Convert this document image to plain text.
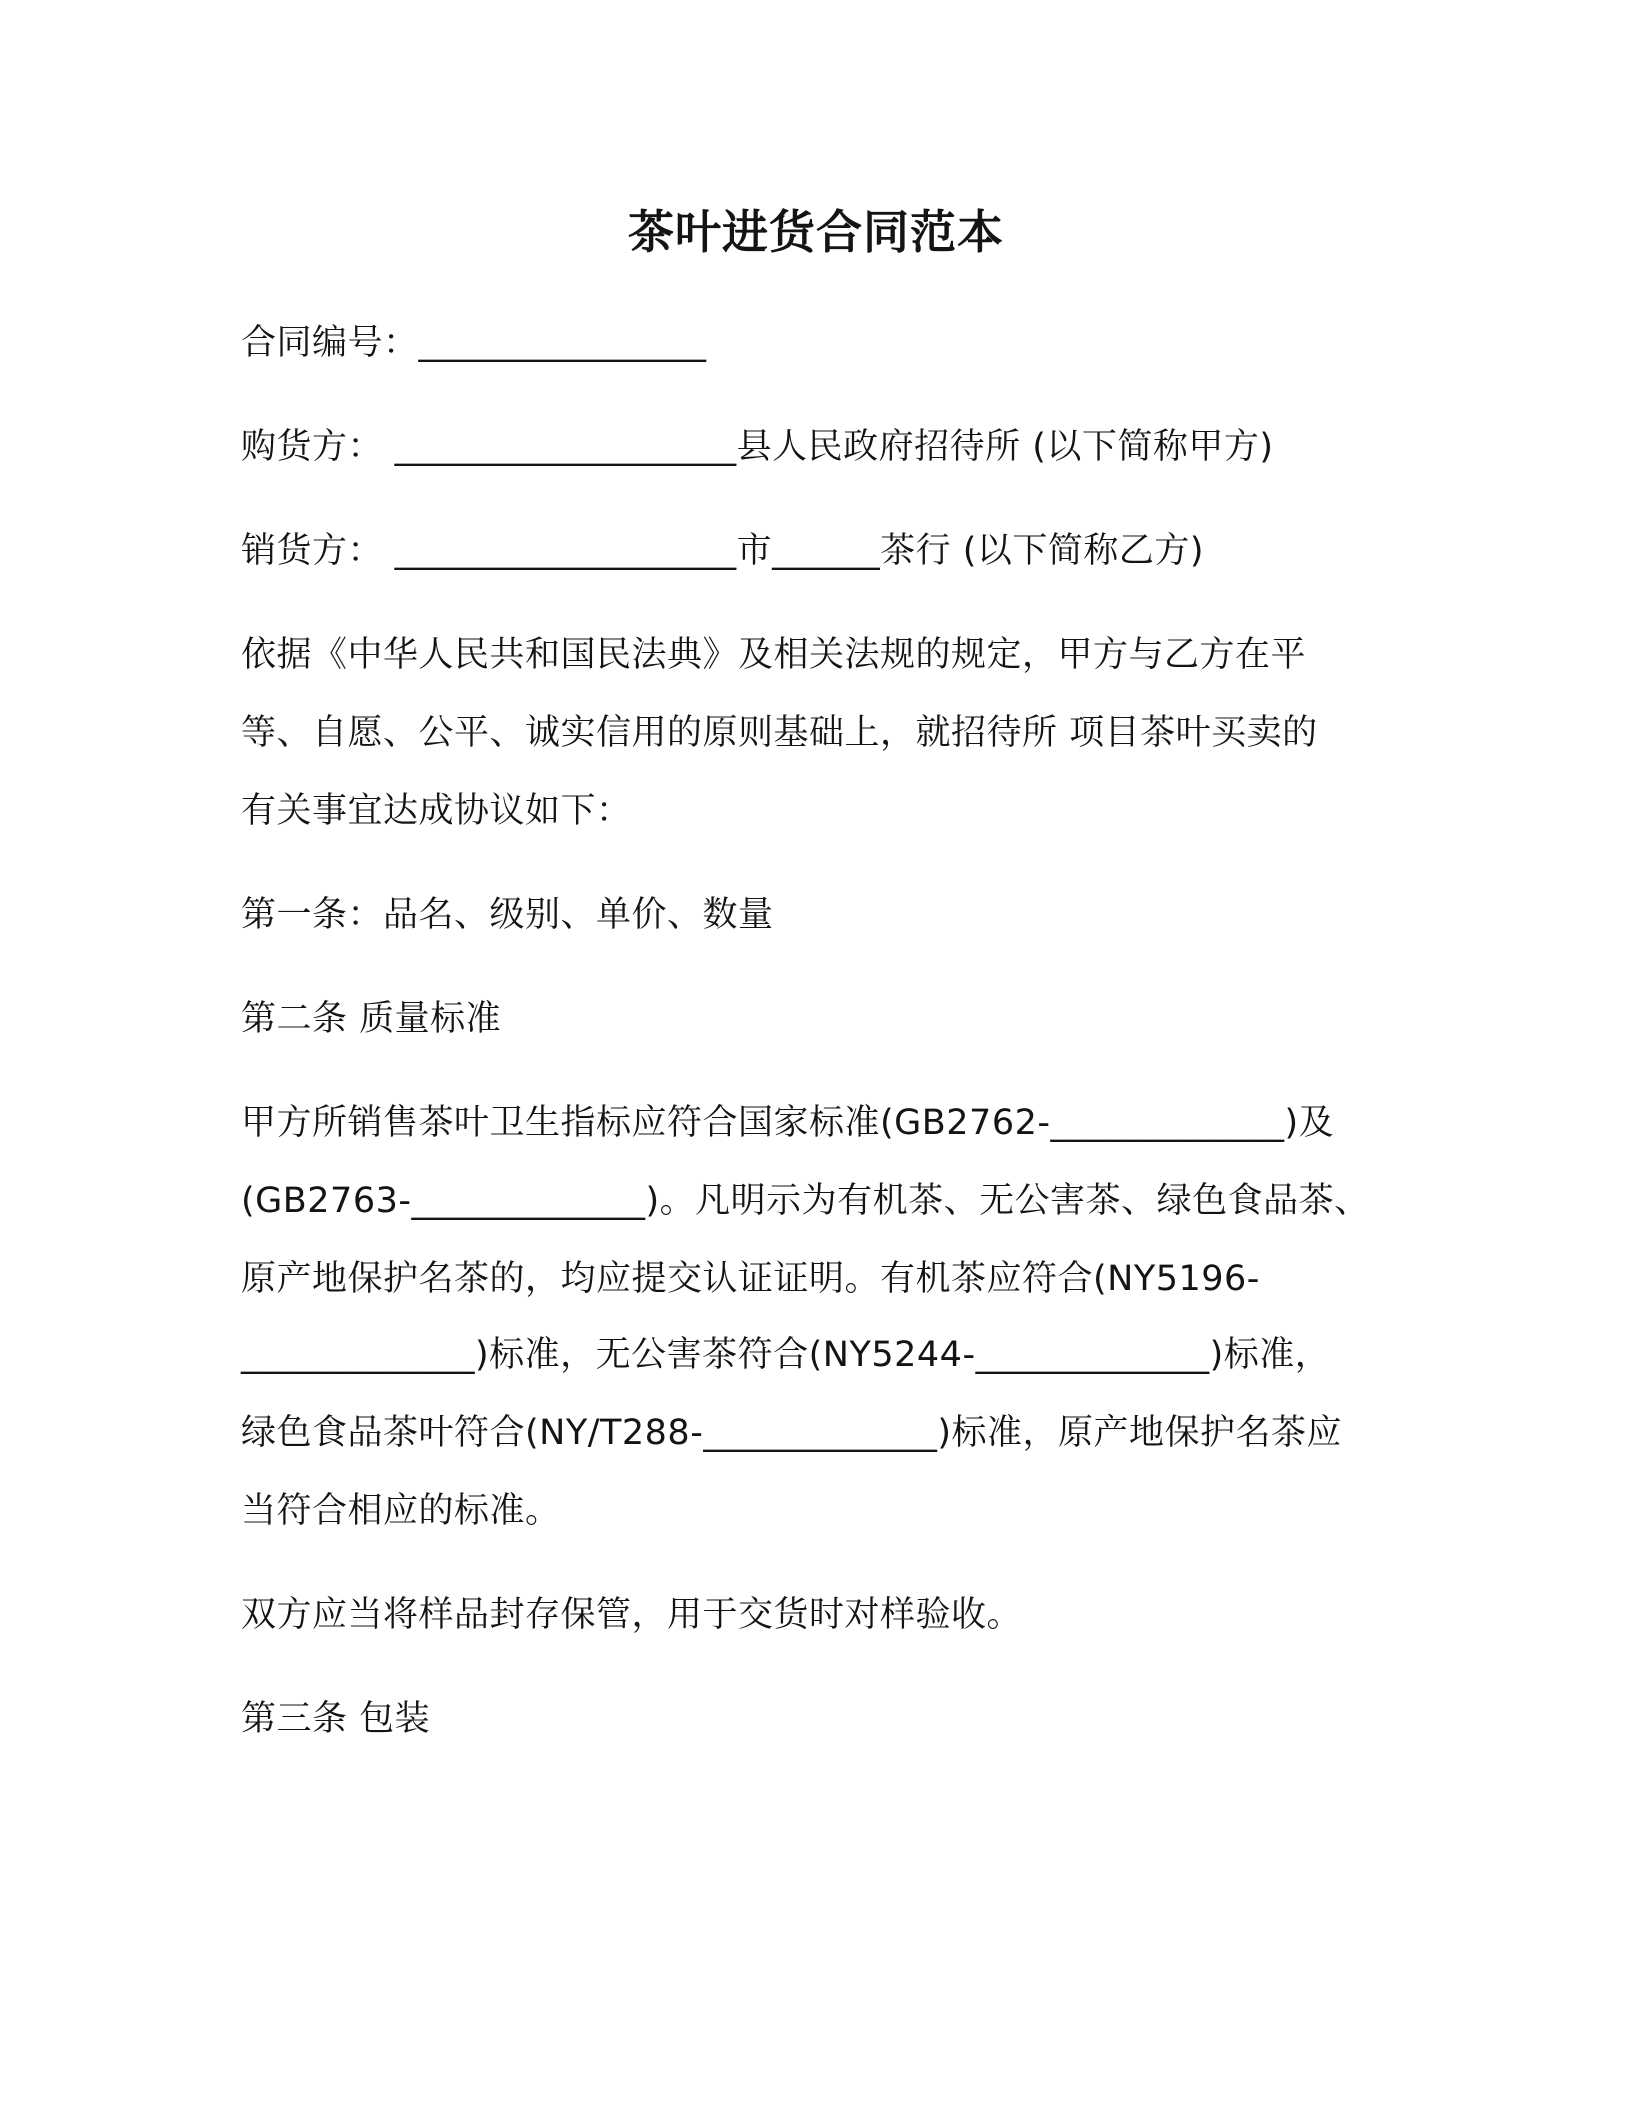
茶叶进货合同范本
合同编号：________________
购货方： ___________________县人民政府招待所 (以下简称甲方)
销货方： ___________________市______茶行 (以下简称乙方)
依据《中华人民共和国民法典》及相关法规的规定，甲方与乙方在平
等、自愿、公平、诚实信用的原则基础上，就招待所 项目茶叶买卖的
有关事宜达成协议如下：
第一条：品名、级别、单价、数量
第二条 质量标准
甲方所销售茶叶卫生指标应符合国家标准(GB2762-_____________)及
(GB2763-_____________)。凡明示为有机茶、无公害茶、绿色食品茶、
原产地保护名茶的，均应提交认证证明。有机茶应符合(NY5196-
_____________)标准，无公害茶符合(NY5244-_____________)标准，
绿色食品茶叶符合(NY/T288-_____________)标准，原产地保护名茶应
当符合相应的标准。
双方应当将样品封存保管，用于交货时对样验收。
第三条 包装
